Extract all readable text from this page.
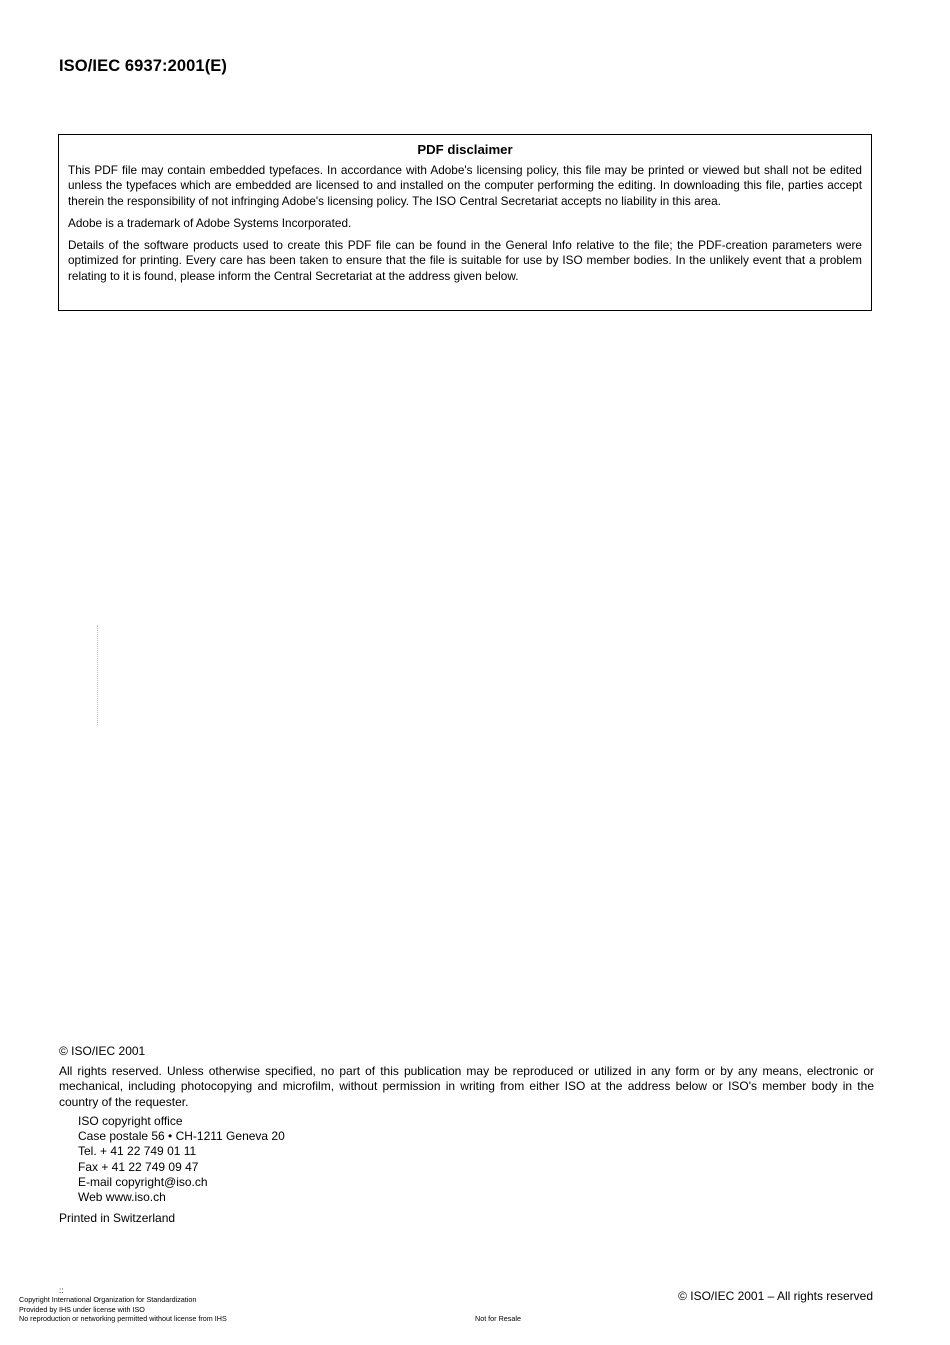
ISO/IEC 6937:2001(E)
PDF disclaimer

This PDF file may contain embedded typefaces. In accordance with Adobe's licensing policy, this file may be printed or viewed but shall not be edited unless the typefaces which are embedded are licensed to and installed on the computer performing the editing. In downloading this file, parties accept therein the responsibility of not infringing Adobe's licensing policy. The ISO Central Secretariat accepts no liability in this area.

Adobe is a trademark of Adobe Systems Incorporated.

Details of the software products used to create this PDF file can be found in the General Info relative to the file; the PDF-creation parameters were optimized for printing. Every care has been taken to ensure that the file is suitable for use by ISO member bodies. In the unlikely event that a problem relating to it is found, please inform the Central Secretariat at the address given below.

© ISO/IEC 2001
All rights reserved. Unless otherwise specified, no part of this publication may be reproduced or utilized in any form or by any means, electronic or mechanical, including photocopying and microfilm, without permission in writing from either ISO at the address below or ISO's member body in the country of the requester.
ISO copyright office
Case postale 56 • CH-1211 Geneva 20
Tel. + 41 22 749 01 11
Fax + 41 22 749 09 47
E-mail copyright@iso.ch
Web www.iso.ch
Printed in Switzerland
::
Copyright International Organization for Standardization
Provided by IHS under license with ISO
No reproduction or networking permitted without license from IHS	Not for Resale
© ISO/IEC 2001 – All rights reserved
